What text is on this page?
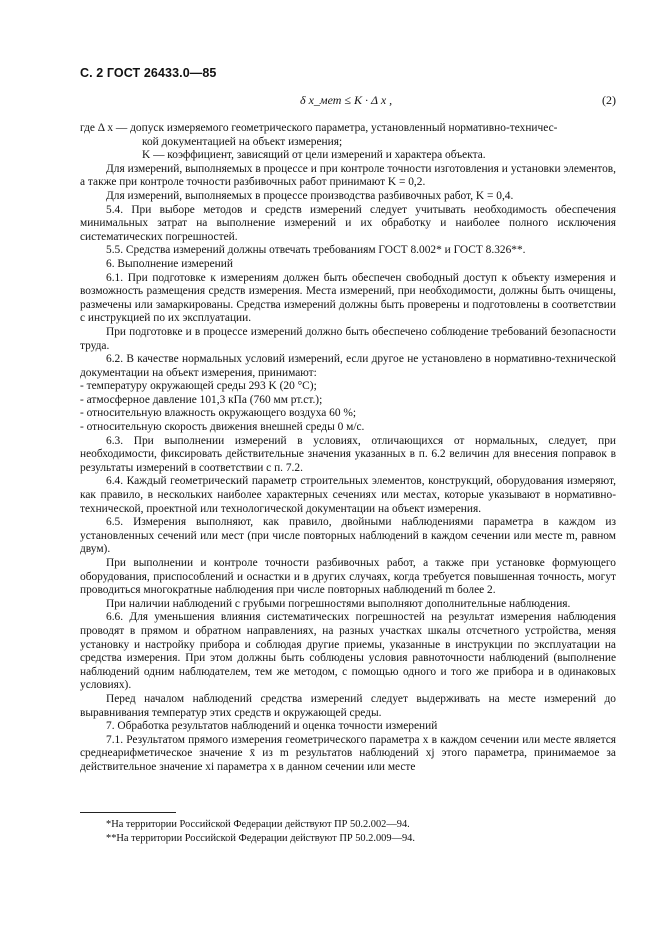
С. 2 ГОСТ 26433.0—85
δ x_мет ≤ K · Δ x ,	(2)

где Δ x — допуск измеряемого геометрического параметра, установленный нормативно-техничес-

кой документацией на объект измерения;

K — коэффициент, зависящий от цели измерений и характера объекта.

Для измерений, выполняемых в процессе и при контроле точности изготовления и установки элементов, а также при контроле точности разбивочных работ принимают K = 0,2.

Для измерений, выполняемых в процессе производства разбивочных работ, K = 0,4.

5.4. При выборе методов и средств измерений следует учитывать необходимость обеспечения минимальных затрат на выполнение измерений и их обработку и наиболее полного исключения систематических погрешностей.

5.5. Средства измерений должны отвечать требованиям ГОСТ 8.002* и ГОСТ 8.326**.

6. Выполнение измерений

6.1. При подготовке к измерениям должен быть обеспечен свободный доступ к объекту измерения и возможность размещения средств измерения. Места измерений, при необходимости, должны быть очищены, размечены или замаркированы. Средства измерений должны быть проверены и подготовлены в соответствии с инструкцией по их эксплуатации.

При подготовке и в процессе измерений должно быть обеспечено соблюдение требований безопасности труда.

6.2. В качестве нормальных условий измерений, если другое не установлено в нормативно-технической документации на объект измерения, принимают:

- температуру окружающей среды 293 K (20 °C);

- атмосферное давление 101,3 кПа (760 мм рт.ст.);

- относительную влажность окружающего воздуха 60 %;

- относительную скорость движения внешней среды 0 м/с.

6.3. При выполнении измерений в условиях, отличающихся от нормальных, следует, при необходимости, фиксировать действительные значения указанных в п. 6.2 величин для внесения поправок в результаты измерений в соответствии с п. 7.2.

6.4. Каждый геометрический параметр строительных элементов, конструкций, оборудования измеряют, как правило, в нескольких наиболее характерных сечениях или местах, которые указывают в нормативно-технической, проектной или технологической документации на объект измерения.

6.5. Измерения выполняют, как правило, двойными наблюдениями параметра в каждом из установленных сечений или мест (при числе повторных наблюдений в каждом сечении или месте m, равном двум).

При выполнении и контроле точности разбивочных работ, а также при установке формующего оборудования, приспособлений и оснастки и в других случаях, когда требуется повышенная точность, могут проводиться многократные наблюдения при числе повторных наблюдений m более 2.

При наличии наблюдений с грубыми погрешностями выполняют дополнительные наблюдения.

6.6. Для уменьшения влияния систематических погрешностей на результат измерения наблюдения проводят в прямом и обратном направлениях, на разных участках шкалы отсчетного устройства, меняя установку и настройку прибора и соблюдая другие приемы, указанные в инструкции по эксплуатации на средства измерения. При этом должны быть соблюдены условия равноточности наблюдений (выполнение наблюдений одним наблюдателем, тем же методом, с помощью одного и того же прибора и в одинаковых условиях).

Перед началом наблюдений средства измерений следует выдерживать на месте измерений до выравнивания температур этих средств и окружающей среды.

7. Обработка результатов наблюдений и оценка точности измерений

7.1. Результатом прямого измерения геометрического параметра x в каждом сечении или месте является среднеарифметическое значение x̄ из m результатов наблюдений xj этого параметра, принимаемое за действительное значение xi параметра x в данном сечении или месте

*На территории Российской Федерации действуют ПР 50.2.002—94.

**На территории Российской Федерации действуют ПР 50.2.009—94.
